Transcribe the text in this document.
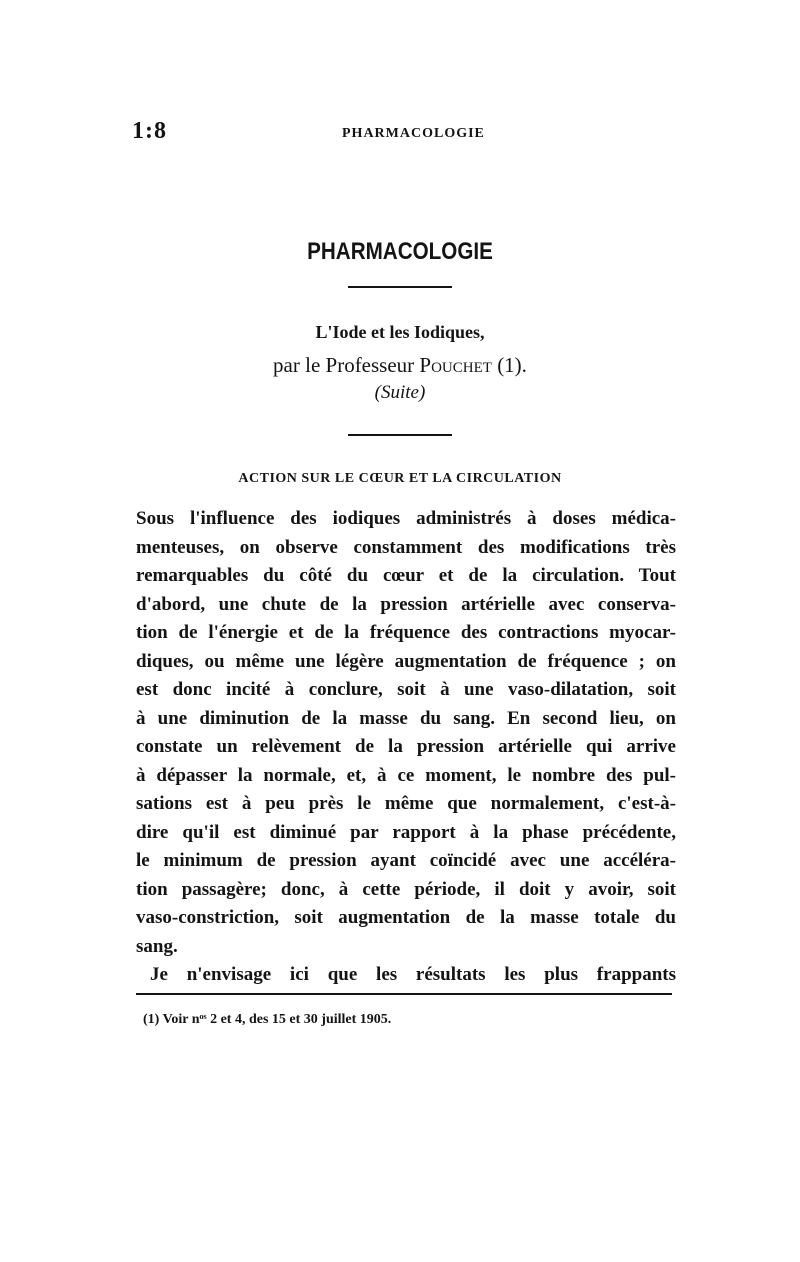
1:8	PHARMACOLOGIE
PHARMACOLOGIE
L'Iode et les Iodiques,
par le Professeur Pouchet (1).
(Suite)
ACTION SUR LE CŒUR ET LA CIRCULATION
Sous l'influence des iodiques administrés à doses médica-
menteuses, on observe constamment des modifications très
remarquables du côté du cœur et de la circulation. Tout
d'abord, une chute de la pression artérielle avec conserva-
tion de l'énergie et de la fréquence des contractions myocar-
diques, ou même une légère augmentation de fréquence ; on
est donc incité à conclure, soit à une vaso-dilatation, soit
à une diminution de la masse du sang. En second lieu, on
constate un relèvement de la pression artérielle qui arrive
à dépasser la normale, et, à ce moment, le nombre des pul-
sations est à peu près le même que normalement, c'est-à-
dire qu'il est diminué par rapport à la phase précédente,
le minimum de pression ayant coïncidé avec une accéléra-
tion passagère; donc, à cette période, il doit y avoir, soit
vaso-constriction, soit augmentation de la masse totale du
sang.
Je n'envisage ici que les résultats les plus frappants
(1) Voir nᵒˢ 2 et 4, des 15 et 30 juillet 1905.
